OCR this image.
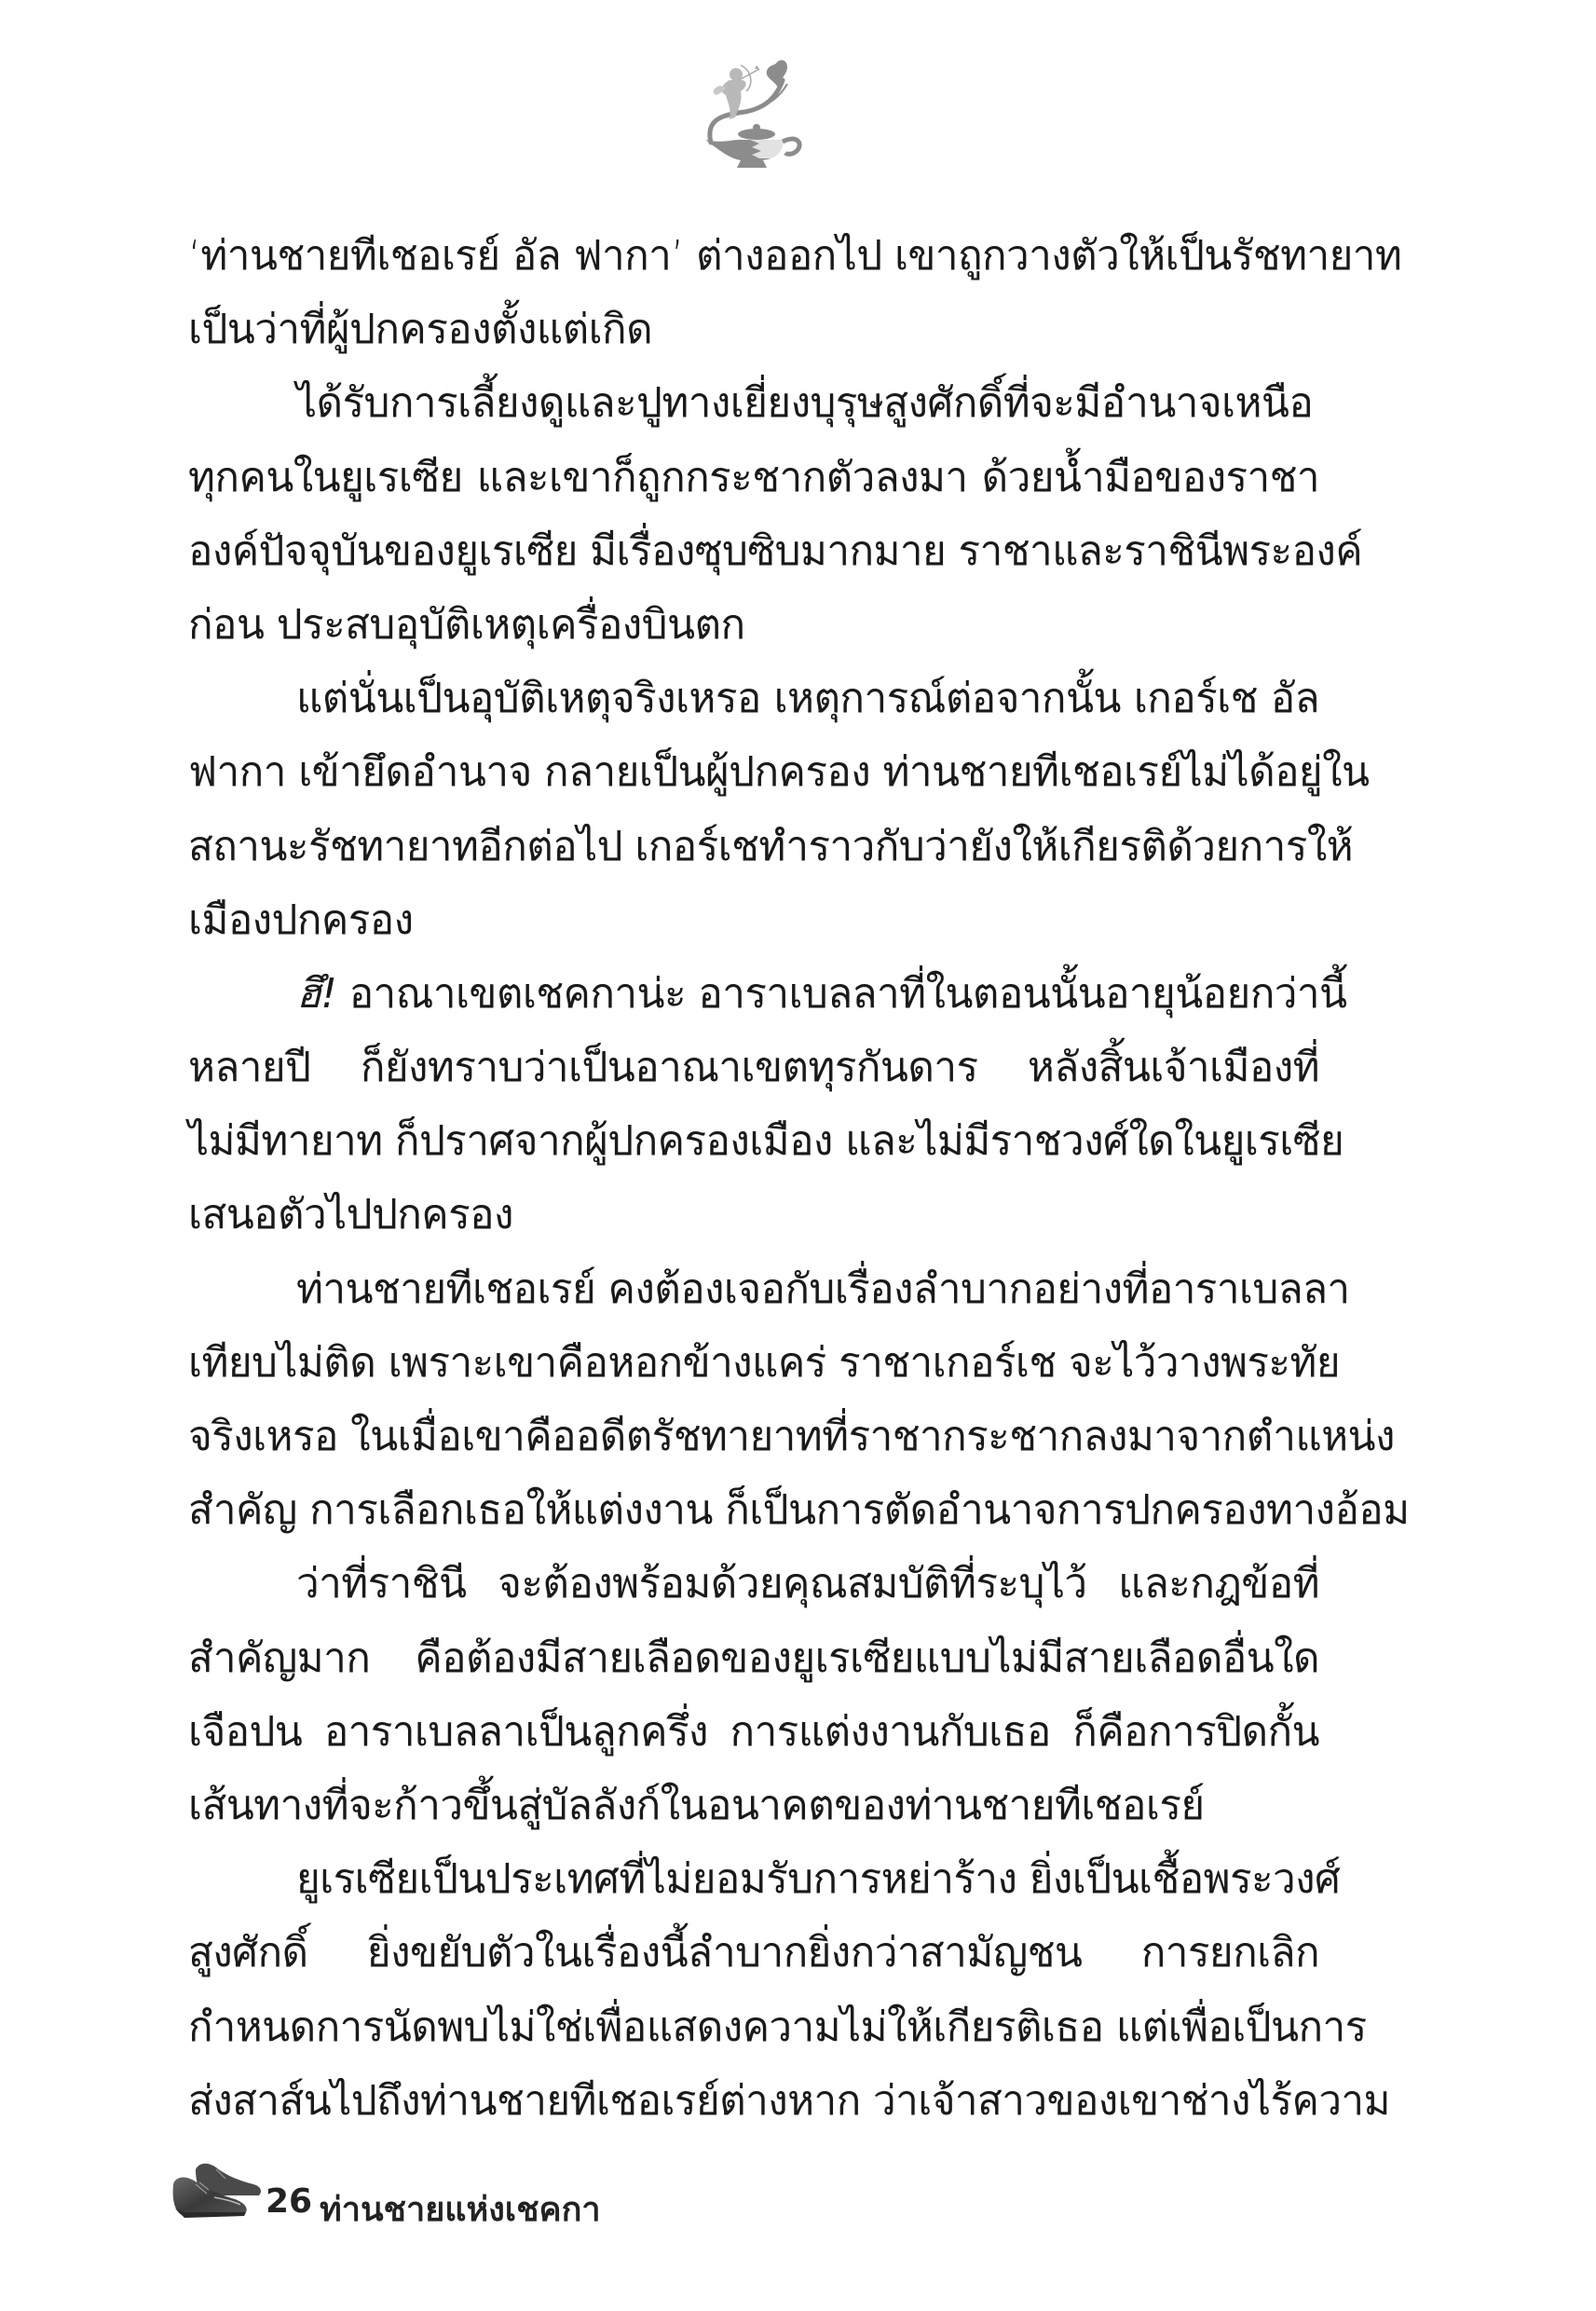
‘ท่านชายทีเชอเรย์ อัล ฟากา’ ต่างออกไป เขาถูกวางตัวให้เป็นรัชทายาท
เป็นว่าที่ผู้ปกครองตั้งแต่เกิด
ได้รับการเลี้ยงดูและปูทางเยี่ยงบุรุษสูงศักดิ์ที่จะมีอำนาจเหนือ
ทุกคนในยูเรเซีย และเขาก็ถูกกระชากตัวลงมา ด้วยน้ำมือของราชา
องค์ปัจจุบันของยูเรเซีย มีเรื่องซุบซิบมากมาย ราชาและราชินีพระองค์
ก่อน ประสบอุบัติเหตุเครื่องบินตก
แต่นั่นเป็นอุบัติเหตุจริงเหรอ เหตุการณ์ต่อจากนั้น เกอร์เช อัล
ฟากา เข้ายึดอำนาจ กลายเป็นผู้ปกครอง ท่านชายทีเชอเรย์ไม่ได้อยู่ใน
สถานะรัชทายาทอีกต่อไป เกอร์เชทำราวกับว่ายังให้เกียรติด้วยการให้
เมืองปกครอง
ฮึ! อาณาเขตเชคกาน่ะ อาราเบลลาที่ในตอนนั้นอายุน้อยกว่านี้
หลายปี ก็ยังทราบว่าเป็นอาณาเขตทุรกันดาร หลังสิ้นเจ้าเมืองที่
ไม่มีทายาท ก็ปราศจากผู้ปกครองเมือง และไม่มีราชวงศ์ใดในยูเรเซีย
เสนอตัวไปปกครอง
ท่านชายทีเชอเรย์ คงต้องเจอกับเรื่องลำบากอย่างที่อาราเบลลา
เทียบไม่ติด เพราะเขาคือหอกข้างแคร่ ราชาเกอร์เช จะไว้วางพระทัย
จริงเหรอ ในเมื่อเขาคืออดีตรัชทายาทที่ราชากระชากลงมาจากตำแหน่ง
สำคัญ การเลือกเธอให้แต่งงาน ก็เป็นการตัดอำนาจการปกครองทางอ้อม
ว่าที่ราชินี จะต้องพร้อมด้วยคุณสมบัติที่ระบุไว้ และกฎข้อที่
สำคัญมาก คือต้องมีสายเลือดของยูเรเซียแบบไม่มีสายเลือดอื่นใด
เจือปน อาราเบลลาเป็นลูกครึ่ง การแต่งงานกับเธอ ก็คือการปิดกั้น
เส้นทางที่จะก้าวขึ้นสู่บัลลังก์ในอนาคตของท่านชายทีเชอเรย์
ยูเรเซียเป็นประเทศที่ไม่ยอมรับการหย่าร้าง ยิ่งเป็นเชื้อพระวงศ์
สูงศักดิ์ ยิ่งขยับตัวในเรื่องนี้ลำบากยิ่งกว่าสามัญชน การยกเลิก
กำหนดการนัดพบไม่ใช่เพื่อแสดงความไม่ให้เกียรติเธอ แต่เพื่อเป็นการ
ส่งสาส์นไปถึงท่านชายทีเชอเรย์ต่างหาก ว่าเจ้าสาวของเขาช่างไร้ความ
26 ท่านชายแห่งเชคกา
